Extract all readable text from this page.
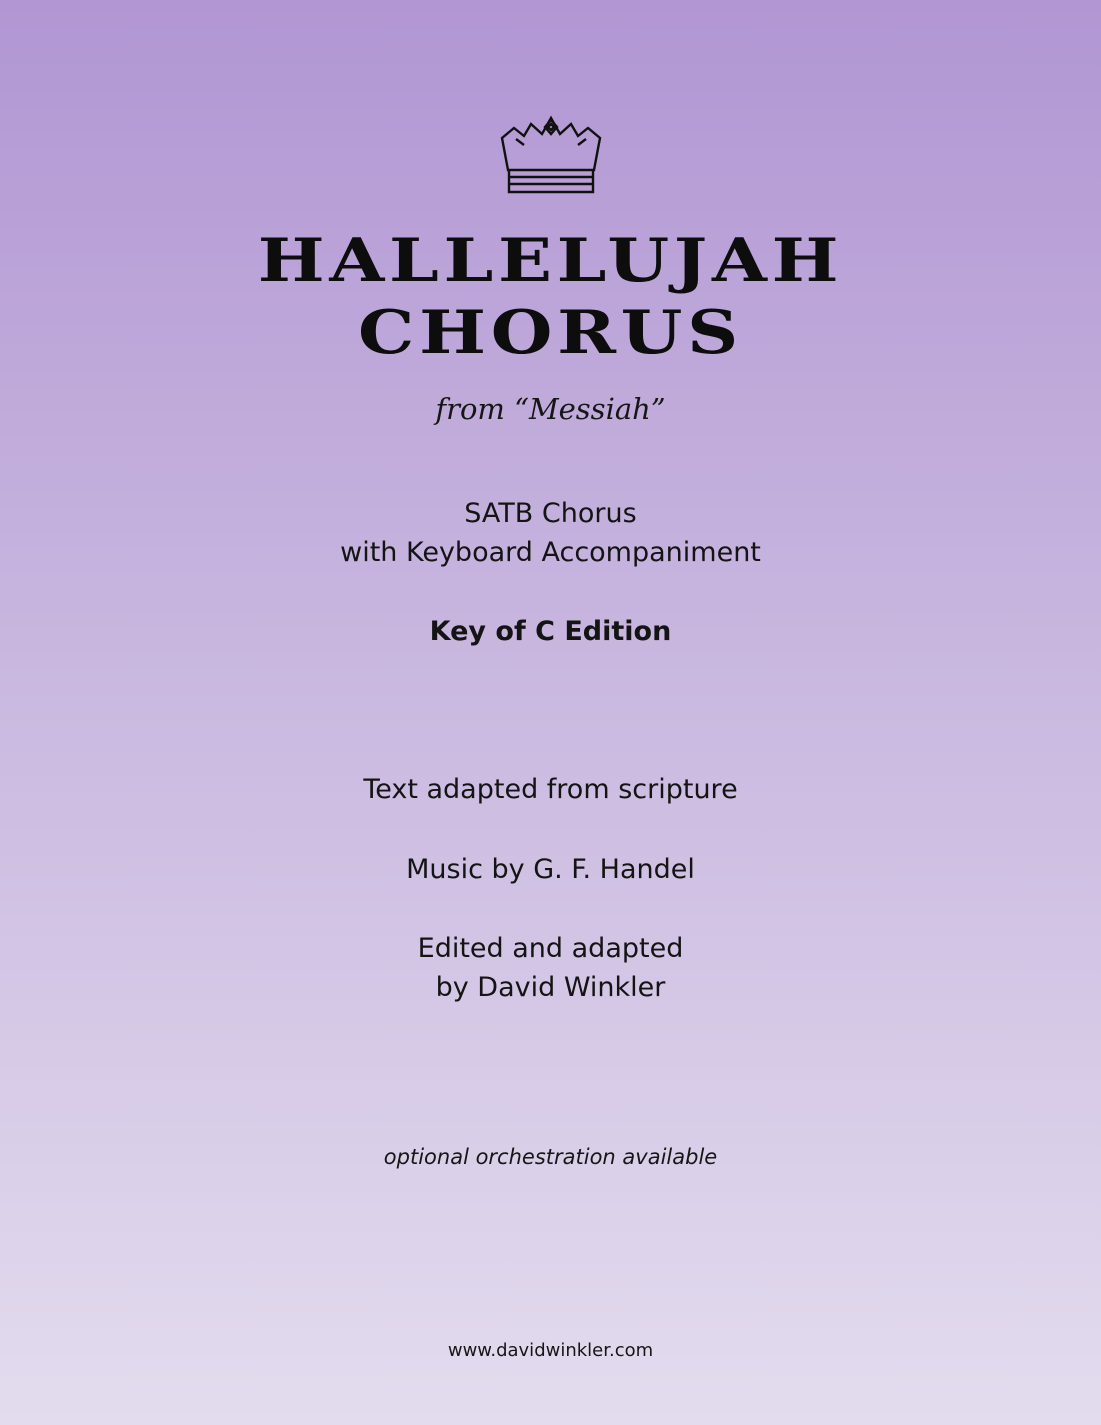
HALLELUJAH
CHORUS
from “Messiah”
SATB Chorus
with Keyboard Accompaniment
Key of C Edition
Text adapted from scripture
Music by G. F. Handel
Edited and adapted
by David Winkler
optional orchestration available
www.davidwinkler.com
